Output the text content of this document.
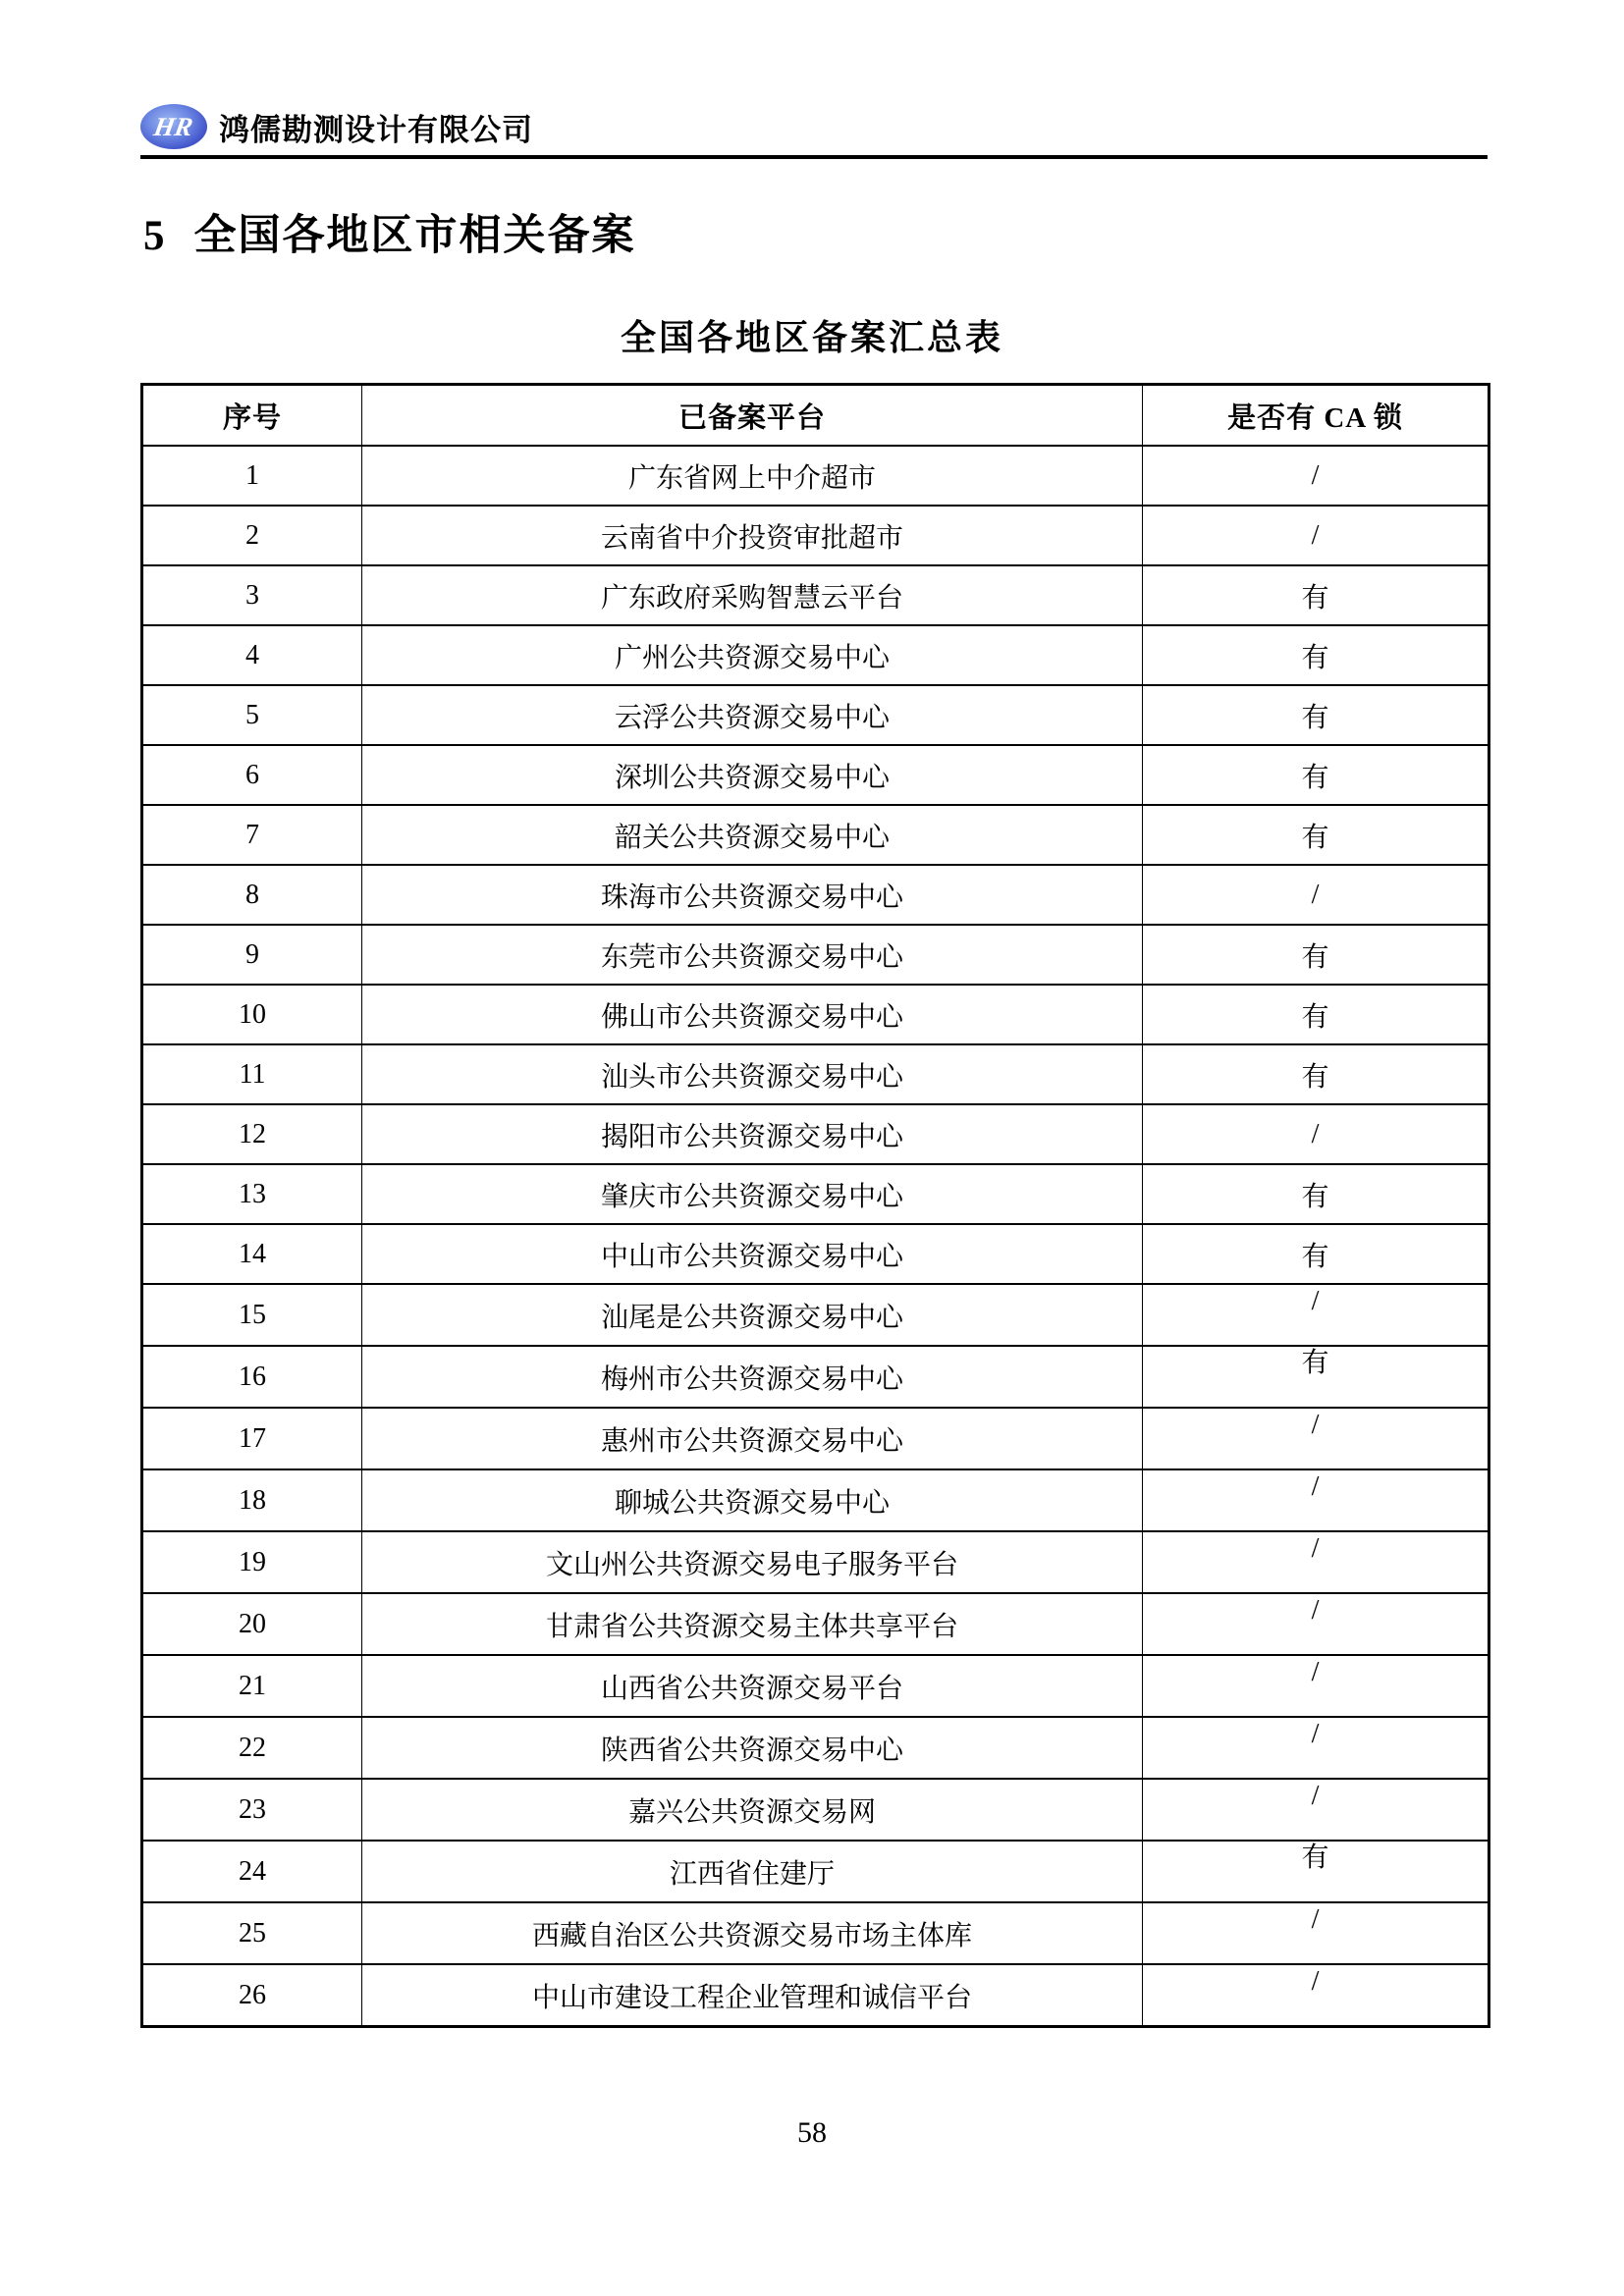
HR 鸿儒勘测设计有限公司
5 全国各地区市相关备案
全国各地区备案汇总表
序号	已备案平台	是否有 CA 锁
1	广东省网上中介超市	/
2	云南省中介投资审批超市	/
3	广东政府采购智慧云平台	有
4	广州公共资源交易中心	有
5	云浮公共资源交易中心	有
6	深圳公共资源交易中心	有
7	韶关公共资源交易中心	有
8	珠海市公共资源交易中心	/
9	东莞市公共资源交易中心	有
10	佛山市公共资源交易中心	有
11	汕头市公共资源交易中心	有
12	揭阳市公共资源交易中心	/
13	肇庆市公共资源交易中心	有
14	中山市公共资源交易中心	有
15	汕尾是公共资源交易中心	/
16	梅州市公共资源交易中心	有
17	惠州市公共资源交易中心	/
18	聊城公共资源交易中心	/
19	文山州公共资源交易电子服务平台	/
20	甘肃省公共资源交易主体共享平台	/
21	山西省公共资源交易平台	/
22	陕西省公共资源交易中心	/
23	嘉兴公共资源交易网	/
24	江西省住建厅	有
25	西藏自治区公共资源交易市场主体库	/
26	中山市建设工程企业管理和诚信平台	/
58
